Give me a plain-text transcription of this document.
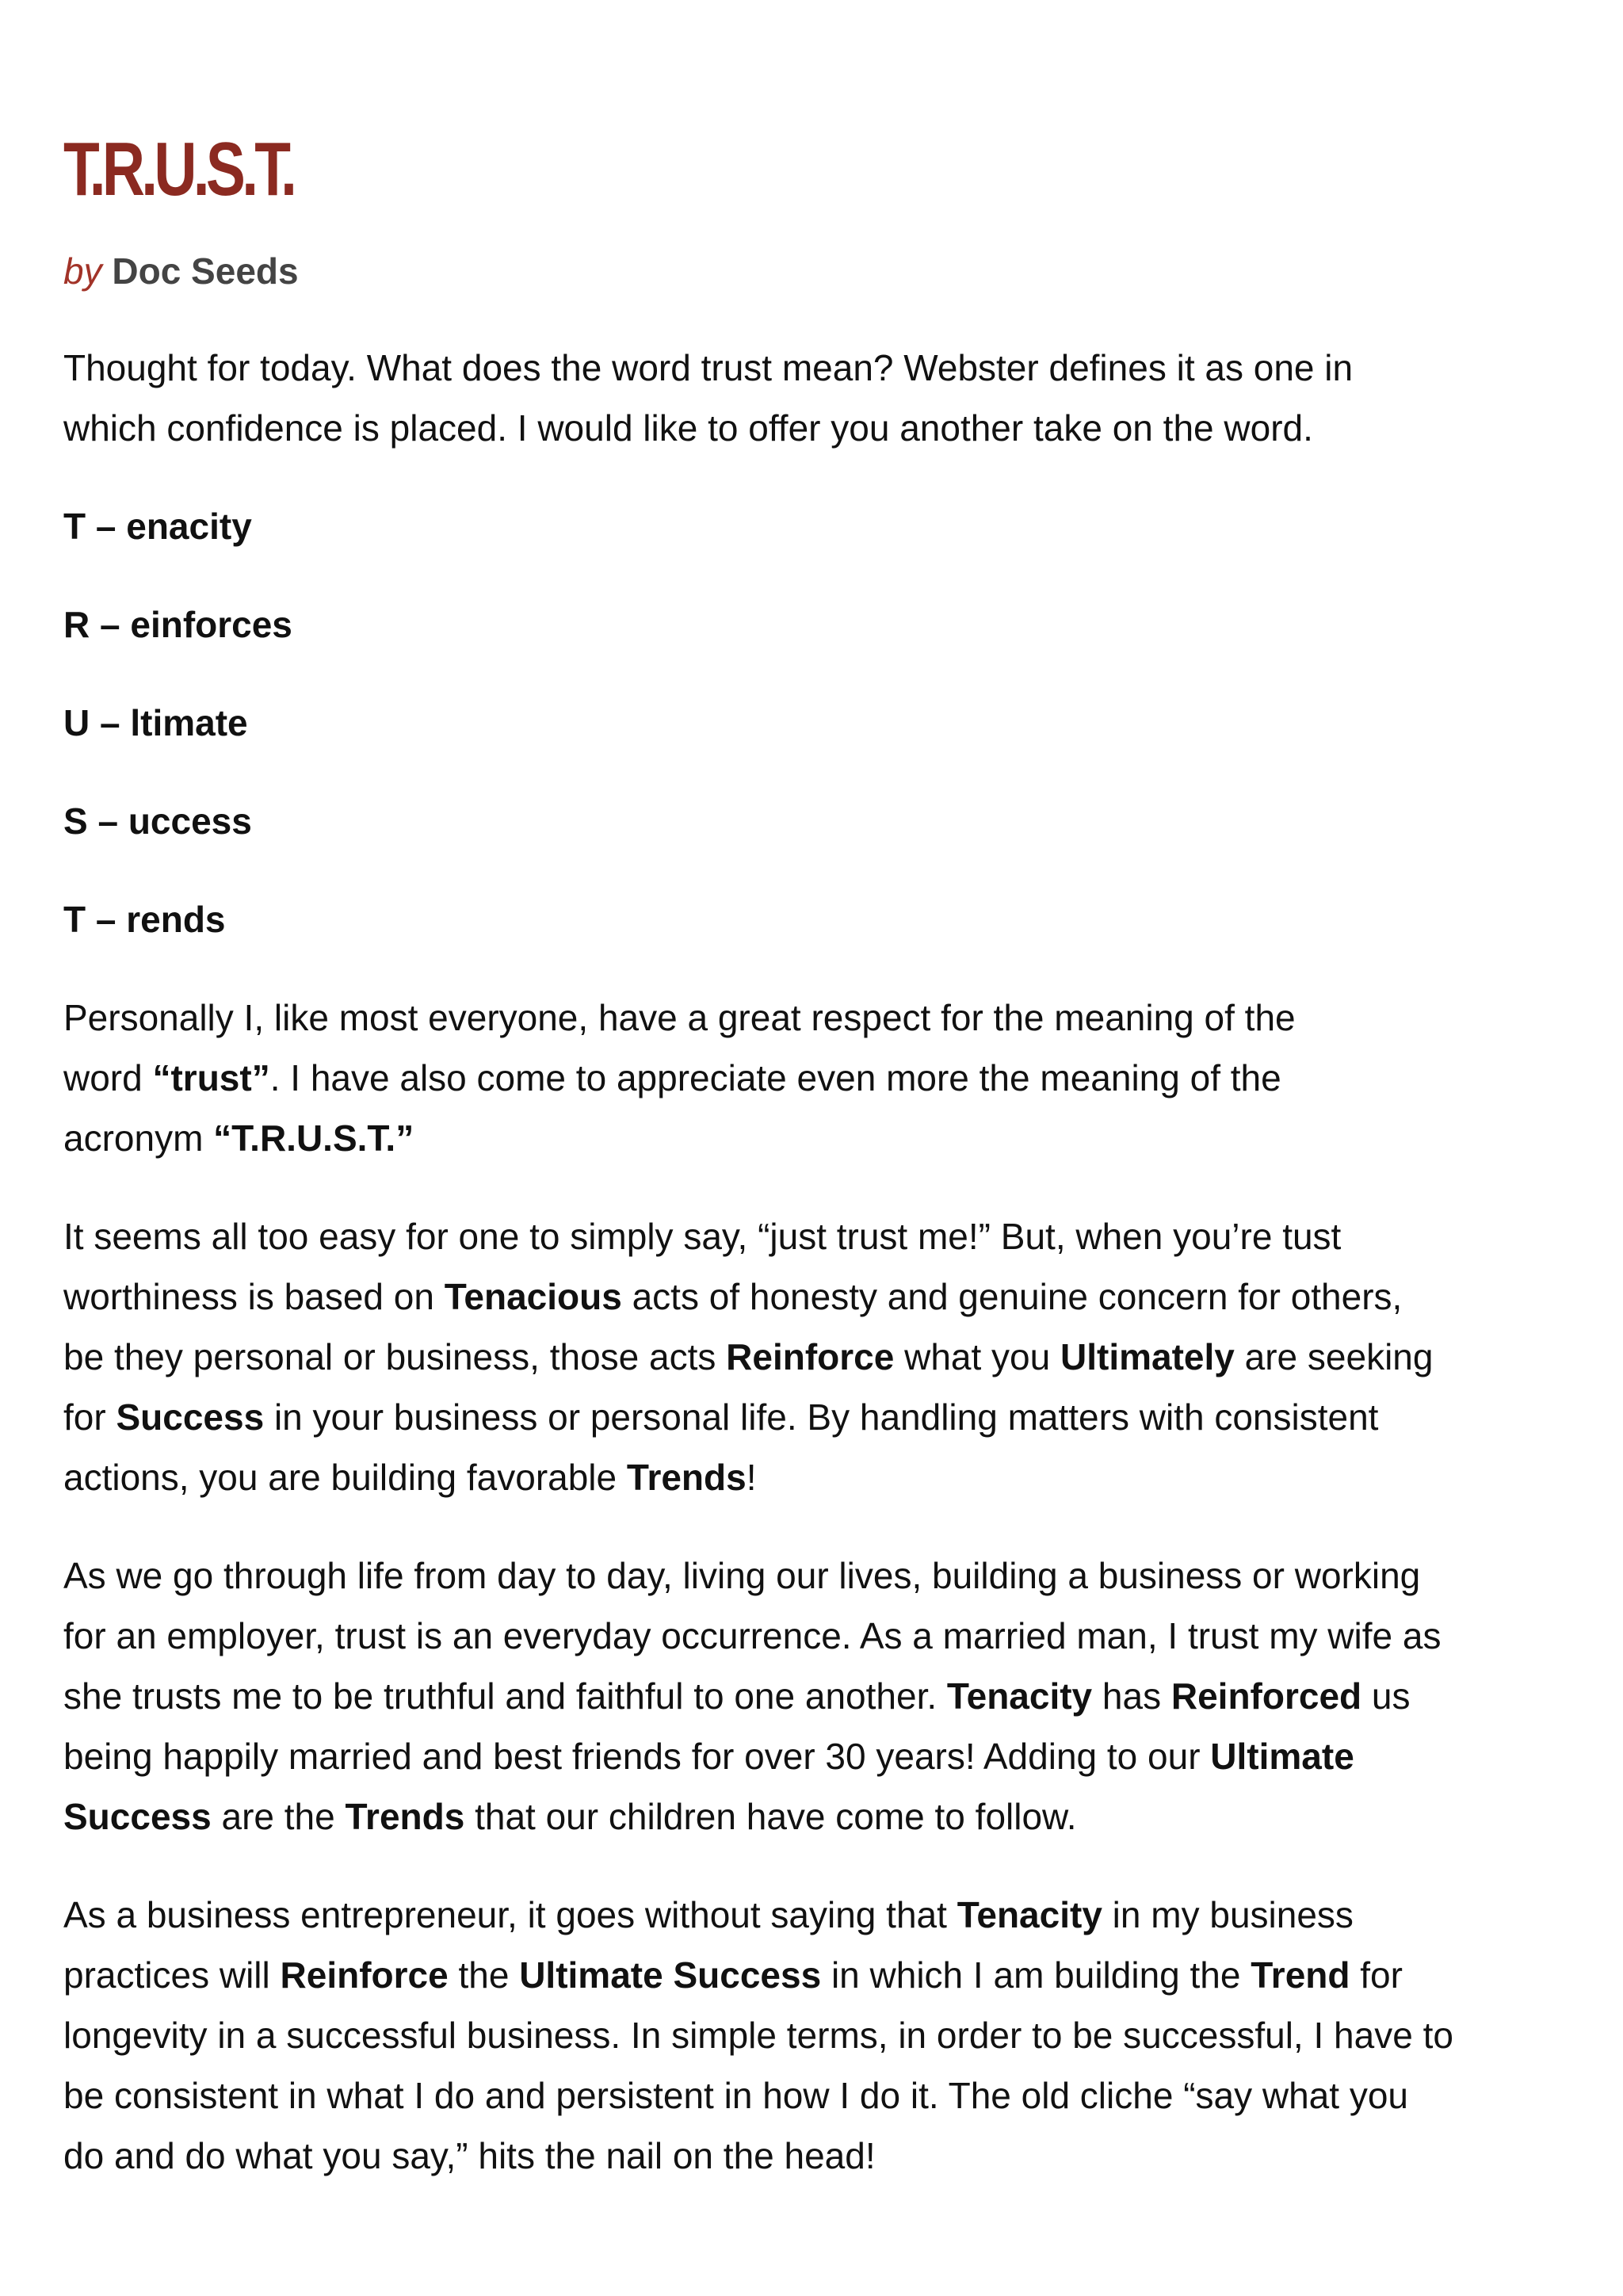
T.R.U.S.T.
by Doc Seeds

Thought for today. What does the word trust mean? Webster defines it as one in
which confidence is placed. I would like to offer you another take on the word.

T – enacity

R – einforces

U – ltimate

S – uccess

T – rends

Personally I, like most everyone, have a great respect for the meaning of the
word “trust”. I have also come to appreciate even more the meaning of the
acronym “T.R.U.S.T.”

It seems all too easy for one to simply say, “just trust me!” But, when you’re tust
worthiness is based on Tenacious acts of honesty and genuine concern for others,
be they personal or business, those acts Reinforce what you Ultimately are seeking
for Success in your business or personal life. By handling matters with consistent
actions, you are building favorable Trends!

As we go through life from day to day, living our lives, building a business or working
for an employer, trust is an everyday occurrence. As a married man, I trust my wife as
she trusts me to be truthful and faithful to one another. Tenacity has Reinforced us
being happily married and best friends for over 30 years! Adding to our Ultimate
Success are the Trends that our children have come to follow.

As a business entrepreneur, it goes without saying that Tenacity in my business
practices will Reinforce the Ultimate Success in which I am building the Trend for
longevity in a successful business. In simple terms, in order to be successful, I have to
be consistent in what I do and persistent in how I do it. The old cliche “say what you
do and do what you say,” hits the nail on the head!
